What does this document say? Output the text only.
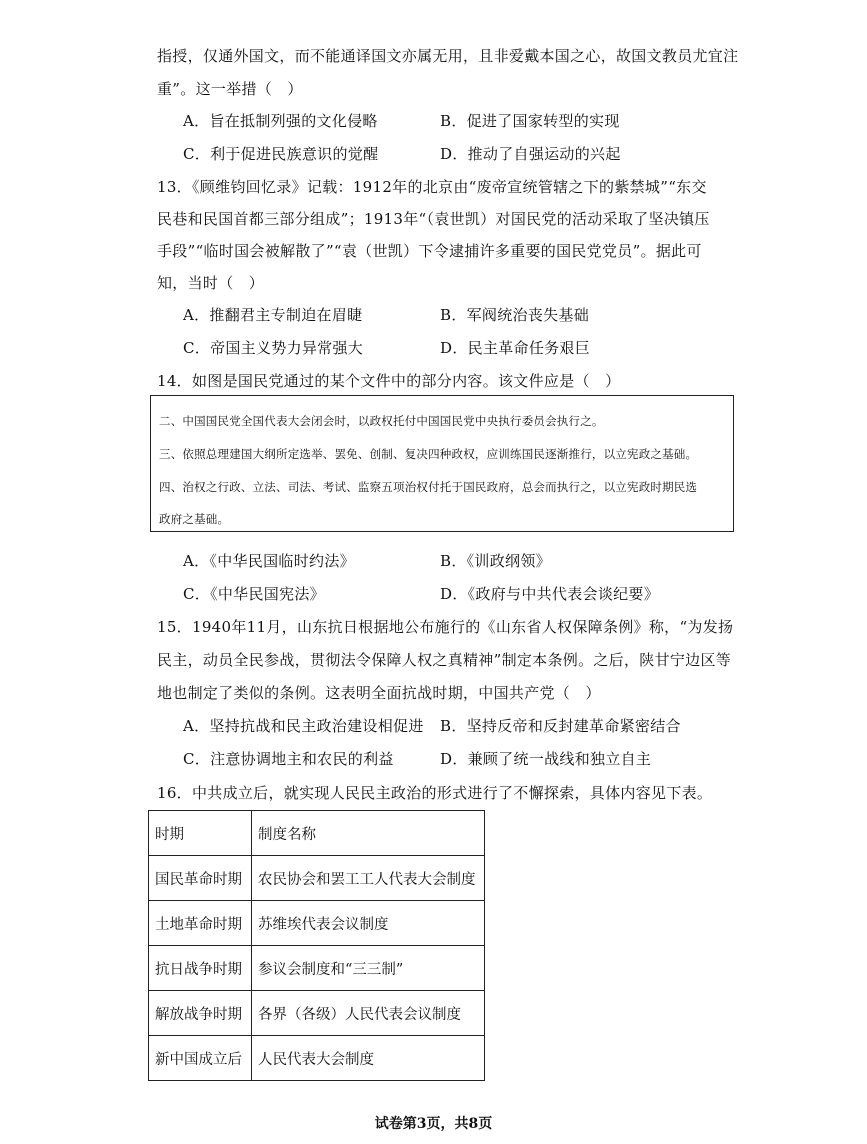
指授，仅通外国文，而不能通译国文亦属无用，且非爱戴本国之心，故国文教员尤宜注
重”。这一举措（　）
A．旨在抵制列强的文化侵略	B．促进了国家转型的实现
C．利于促进民族意识的觉醒	D．推动了自强运动的兴起
13．《顾维钧回忆录》记载：1912年的北京由“废帝宣统管辖之下的紫禁城”“东交
民巷和民国首都三部分组成”；1913年“（袁世凯）对国民党的活动采取了坚决镇压
手段”“临时国会被解散了”“袁（世凯）下令逮捕许多重要的国民党党员”。据此可
知，当时（　）
A．推翻君主专制迫在眉睫	B．军阀统治丧失基础
C．帝国主义势力异常强大	D．民主革命任务艰巨
14．如图是国民党通过的某个文件中的部分内容。该文件应是（　）
二、中国国民党全国代表大会闭会时，以政权托付中国国民党中央执行委员会执行之。
三、依照总理建国大纲所定选举、罢免、创制、复决四种政权，应训练国民逐渐推行，以立宪政之基础。
四、治权之行政、立法、司法、考试、监察五项治权付托于国民政府，总会而执行之，以立宪政时期民选
政府之基础。
A．《中华民国临时约法》	B．《训政纲领》
C．《中华民国宪法》	D．《政府与中共代表会谈纪要》
15．1940年11月，山东抗日根据地公布施行的《山东省人权保障条例》称，“为发扬
民主，动员全民参战，贯彻法令保障人权之真精神”制定本条例。之后，陕甘宁边区等
地也制定了类似的条例。这表明全面抗战时期，中国共产党（　）
A．坚持抗战和民主政治建设相促进 B．坚持反帝和反封建革命紧密结合
C．注意协调地主和农民的利益	D．兼顾了统一战线和独立自主
16．中共成立后，就实现人民民主政治的形式进行了不懈探索，具体内容见下表。
时期	制度名称
国民革命时期	农民协会和罢工工人代表大会制度
土地革命时期	苏维埃代表会议制度
抗日战争时期	参议会制度和“三三制”
解放战争时期	各界（各级）人民代表会议制度
新中国成立后	人民代表大会制度
试卷第3页，共8页
